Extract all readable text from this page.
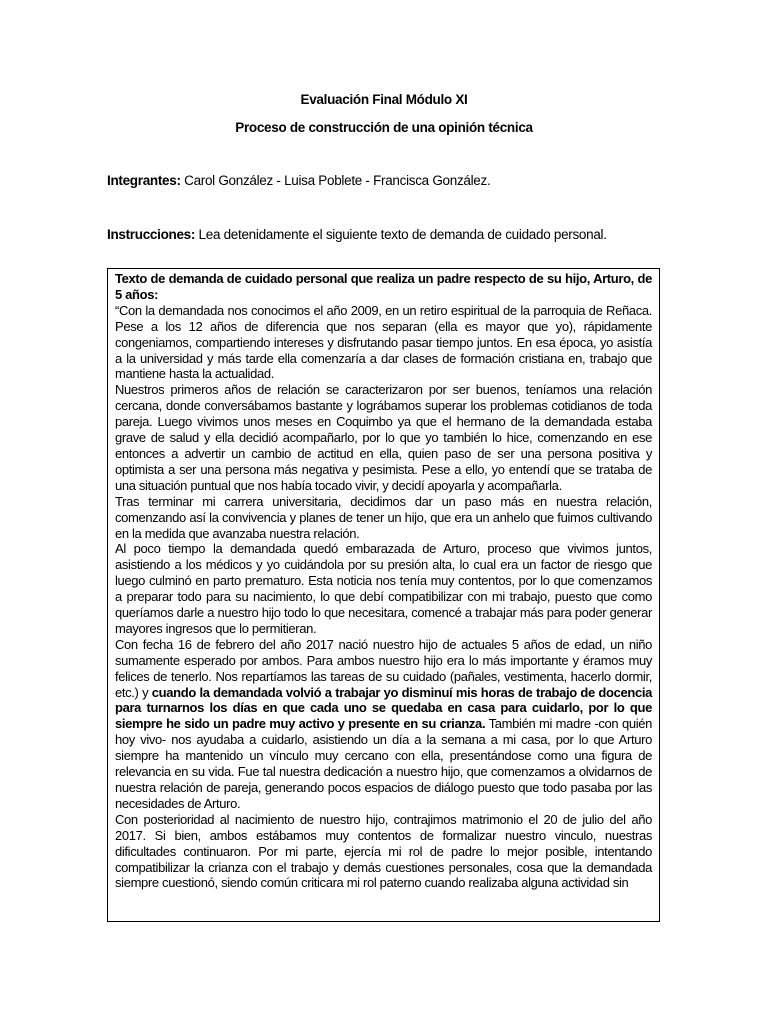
Evaluación Final Módulo XI
Proceso de construcción de una opinión técnica
Integrantes: Carol González - Luisa Poblete - Francisca González.
Instrucciones: Lea detenidamente el siguiente texto de demanda de cuidado personal.

Texto de demanda de cuidado personal que realiza un padre respecto de su hijo, Arturo, de 5 años:

“Con la demandada nos conocimos el año 2009, en un retiro espiritual de la parroquia de Reñaca. Pese a los 12 años de diferencia que nos separan (ella es mayor que yo), rápidamente congeniamos, compartiendo intereses y disfrutando pasar tiempo juntos. En esa época, yo asistía a la universidad y más tarde ella comenzaría a dar clases de formación cristiana en, trabajo que mantiene hasta la actualidad.

Nuestros primeros años de relación se caracterizaron por ser buenos, teníamos una relación cercana, donde conversábamos bastante y lográbamos superar los problemas cotidianos de toda pareja. Luego vivimos unos meses en Coquimbo ya que el hermano de la demandada estaba grave de salud y ella decidió acompañarlo, por lo que yo también lo hice, comenzando en ese entonces a advertir un cambio de actitud en ella, quien paso de ser una persona positiva y optimista a ser una persona más negativa y pesimista. Pese a ello, yo entendí que se trataba de una situación puntual que nos había tocado vivir, y decidí apoyarla y acompañarla.

Tras terminar mi carrera universitaria, decidimos dar un paso más en nuestra relación, comenzando así la convivencia y planes de tener un hijo, que era un anhelo que fuimos cultivando en la medida que avanzaba nuestra relación.

Al poco tiempo la demandada quedó embarazada de Arturo, proceso que vivimos juntos, asistiendo a los médicos y yo cuidándola por su presión alta, lo cual era un factor de riesgo que luego culminó en parto prematuro. Esta noticia nos tenía muy contentos, por lo que comenzamos a preparar todo para su nacimiento, lo que debí compatibilizar con mi trabajo, puesto que como queríamos darle a nuestro hijo todo lo que necesitara, comencé a trabajar más para poder generar mayores ingresos que lo permitieran.

Con fecha 16 de febrero del año 2017 nació nuestro hijo de actuales 5 años de edad, un niño sumamente esperado por ambos. Para ambos nuestro hijo era lo más importante y éramos muy felices de tenerlo. Nos repartíamos las tareas de su cuidado (pañales, vestimenta, hacerlo dormir, etc.) y cuando la demandada volvió a trabajar yo disminuí mis horas de trabajo de docencia para turnarnos los días en que cada uno se quedaba en casa para cuidarlo, por lo que siempre he sido un padre muy activo y presente en su crianza. También mi madre -con quién hoy vivo- nos ayudaba a cuidarlo, asistiendo un día a la semana a mi casa, por lo que Arturo siempre ha mantenido un vínculo muy cercano con ella, presentándose como una figura de relevancia en su vida. Fue tal nuestra dedicación a nuestro hijo, que comenzamos a olvidarnos de nuestra relación de pareja, generando pocos espacios de diálogo puesto que todo pasaba por las necesidades de Arturo.

Con posterioridad al nacimiento de nuestro hijo, contrajimos matrimonio el 20 de julio del año 2017. Si bien, ambos estábamos muy contentos de formalizar nuestro vinculo, nuestras dificultades continuaron. Por mi parte, ejercía mi rol de padre lo mejor posible, intentando compatibilizar la crianza con el trabajo y demás cuestiones personales, cosa que la demandada siempre cuestionó, siendo común criticara mi rol paterno cuando realizaba alguna actividad sin
